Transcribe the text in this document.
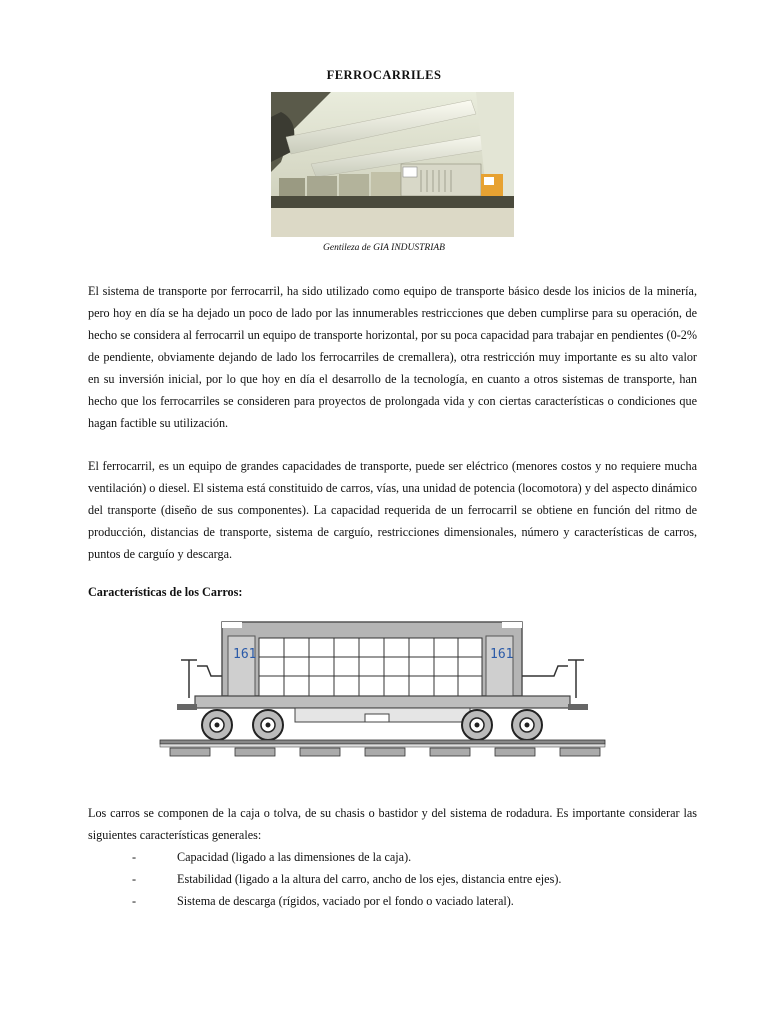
FERROCARRILES
Gentileza de GIA INDUSTRIAB

El sistema de transporte por ferrocarril, ha sido utilizado como equipo de transporte básico desde los inicios de la minería, pero hoy en día se ha dejado un poco de lado por las innumerables restricciones que deben cumplirse para su operación, de hecho se considera al ferrocarril un equipo de transporte horizontal, por su poca capacidad para trabajar en pendientes (0-2% de pendiente, obviamente dejando de lado los ferrocarriles de cremallera), otra restricción muy importante es su alto valor en su inversión inicial, por lo que hoy en día el desarrollo de la tecnología, en cuanto a otros sistemas de transporte, han hecho que los ferrocarriles se consideren para proyectos de prolongada vida y con ciertas características o condiciones que hagan factible su utilización.

El ferrocarril, es un equipo de grandes capacidades de transporte, puede ser eléctrico (menores costos y no requiere mucha ventilación) o diesel. El sistema está constituido de carros, vías, una unidad de potencia (locomotora) y del aspecto dinámico del transporte (diseño de sus componentes). La capacidad requerida de un ferrocarril se obtiene en función del ritmo de producción, distancias de transporte, sistema de carguío, restricciones dimensionales, número y características de carros, puntos de carguío y descarga.

Características de los Carros:
161	161

Los carros se componen de la caja o tolva, de su chasis o bastidor y del sistema de rodadura. Es importante considerar las siguientes características generales:

-	Capacidad (ligado a las dimensiones de la caja).
-	Estabilidad (ligado a la altura del carro, ancho de los ejes, distancia entre ejes).
-	Sistema de descarga (rígidos, vaciado por el fondo o vaciado lateral).
